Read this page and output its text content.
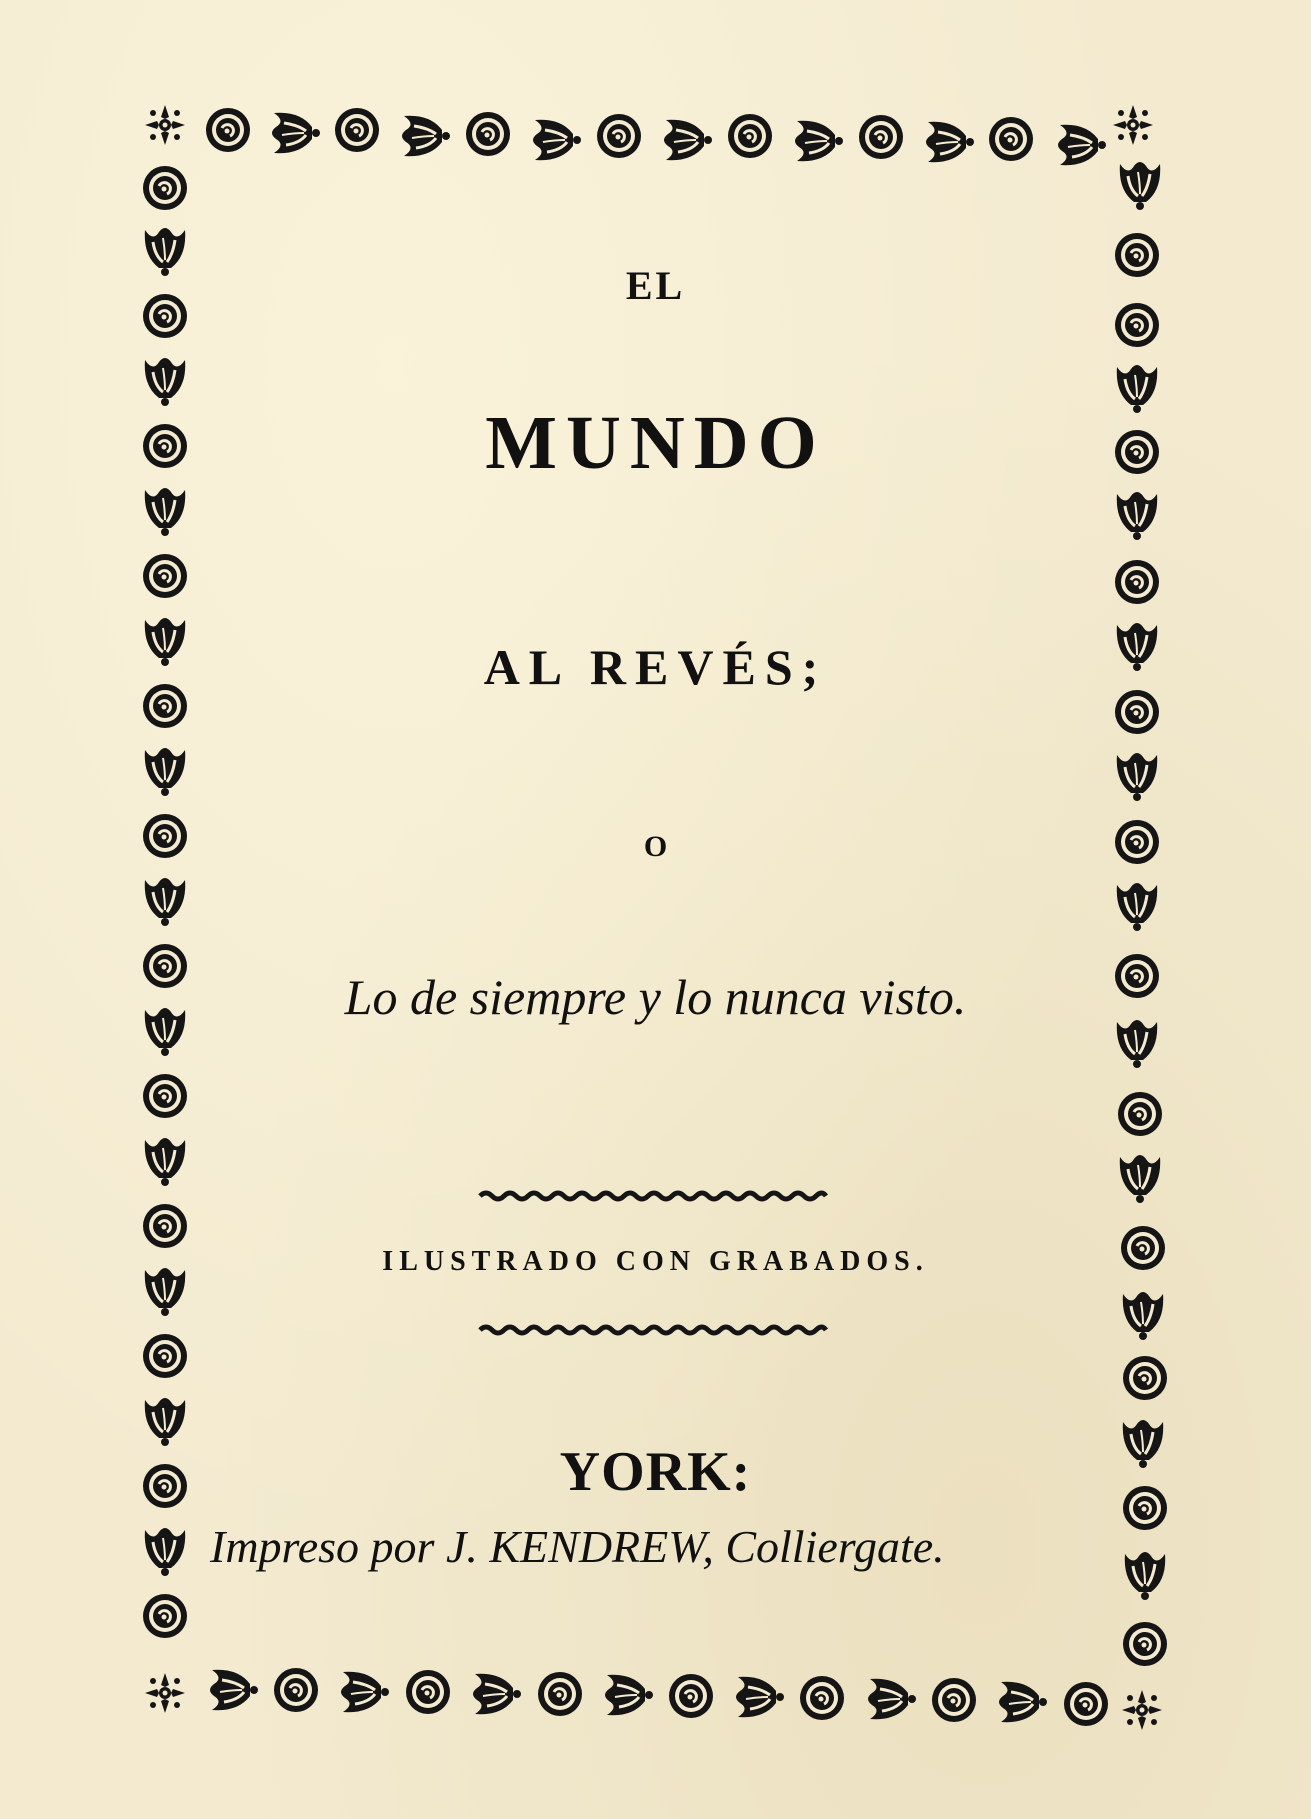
EL
MUNDO
AL REVÉS;
O
Lo de siempre y lo nunca visto.
ILUSTRADO CON GRABADOS.
YORK:
Impreso por J. KENDREW, Colliergate.
